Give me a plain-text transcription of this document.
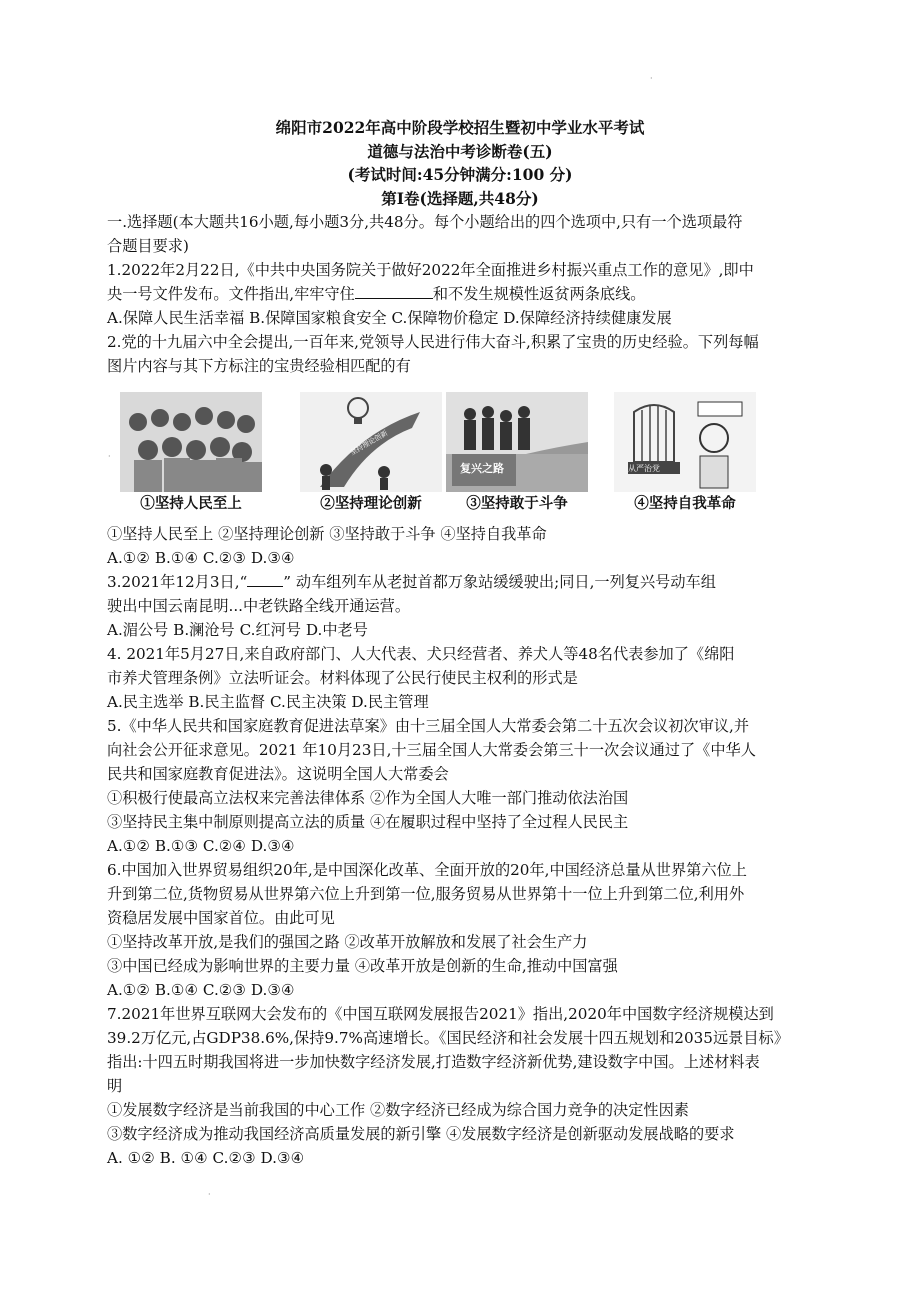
绵阳市2022年高中阶段学校招生暨初中学业水平考试
道德与法治中考诊断卷(五)
(考试时间:45分钟满分:100 分)
第Ⅰ卷(选择题,共48分)
一.选择题(本大题共16小题,每小题3分,共48分。每个小题给出的四个选项中,只有一个选项最符
合题目要求)
1.2022年2月22日,《中共中央国务院关于做好2022年全面推进乡村振兴重点工作的意见》,即中
央一号文件发布。文件指出,牢牢守住	和不发生规模性返贫两条底线。
A.保障人民生活幸福 B.保障国家粮食安全 C.保障物价稳定 D.保障经济持续健康发展
2.党的十九届六中全会提出,一百年来,党领导人民进行伟大奋斗,积累了宝贵的历史经验。下列每幅
图片内容与其下方标注的宝贵经验相匹配的有
坚持理论创新
复兴之路	从严治党
①坚持人民至上	②坚持理论创新	③坚持敢于斗争	④坚持自我革命
①坚持人民至上 ②坚持理论创新 ③坚持敢于斗争 ④坚持自我革命
A.①② B.①④ C.②③ D.③④
3.2021年12月3日,“ ” 动车组列车从老挝首都万象站缓缓驶出;同日,一列复兴号动车组
驶出中国云南昆明...中老铁路全线开通运营。
A.湄公号 B.澜沧号 C.红河号 D.中老号
4. 2021年5月27日,来自政府部门、人大代表、犬只经营者、养犬人等48名代表参加了《绵阳
市养犬管理条例》立法听证会。材料体现了公民行使民主权利的形式是
A.民主选举 B.民主监督 C.民主决策 D.民主管理
5.《中华人民共和国家庭教育促进法草案》由十三届全国人大常委会第二十五次会议初次审议,并
向社会公开征求意见。2021 年10月23日,十三届全国人大常委会第三十一次会议通过了《中华人
民共和国家庭教育促进法》。这说明全国人大常委会
①积极行使最高立法权来完善法律体系 ②作为全国人大唯一部门推动依法治国
③坚持民主集中制原则提高立法的质量 ④在履职过程中坚持了全过程人民民主
A.①② B.①③ C.②④ D.③④
6.中国加入世界贸易组织20年,是中国深化改革、全面开放的20年,中国经济总量从世界第六位上
升到第二位,货物贸易从世界第六位上升到第一位,服务贸易从世界第十一位上升到第二位,利用外
资稳居发展中国家首位。由此可见
①坚持改革开放,是我们的强国之路 ②改革开放解放和发展了社会生产力
③中国已经成为影响世界的主要力量 ④改革开放是创新的生命,推动中国富强
A.①② B.①④ C.②③ D.③④
7.2021年世界互联网大会发布的《中国互联网发展报告2021》指出,2020年中国数字经济规模达到
39.2万亿元,占GDP38.6%,保持9.7%高速增长。《国民经济和社会发展十四五规划和2035远景目标》
指出:十四五时期我国将进一步加快数字经济发展,打造数字经济新优势,建设数字中国。上述材料表
明
①发展数字经济是当前我国的中心工作 ②数字经济已经成为综合国力竞争的决定性因素
③数字经济成为推动我国经济高质量发展的新引擎 ④发展数字经济是创新驱动发展战略的要求
A. ①② B. ①④ C.②③ D.③④
·
·
·
